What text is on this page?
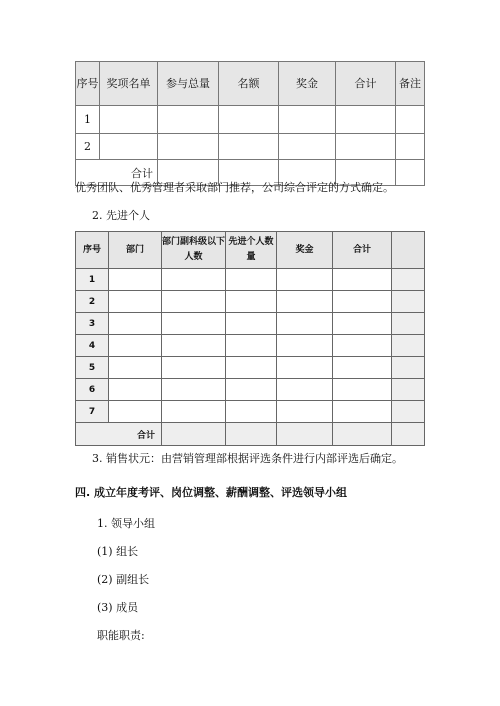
序号	奖项名单	参与总量	名额	奖金	合计	备注
1						
2						
合计						
优秀团队、优秀管理者采取部门推荐，公司综合评定的方式确定。
2. 先进个人
序号	部门	部门副科级以下人数	先进个人数量	奖金	合计	
1						
2						
3						
4						
5						
6						
7						
合计						
3. 销售状元：由营销管理部根据评选条件进行内部评选后确定。
四. 成立年度考评、岗位调整、薪酬调整、评选领导小组
1. 领导小组
(1) 组长
(2) 副组长
(3) 成员
职能职责:
